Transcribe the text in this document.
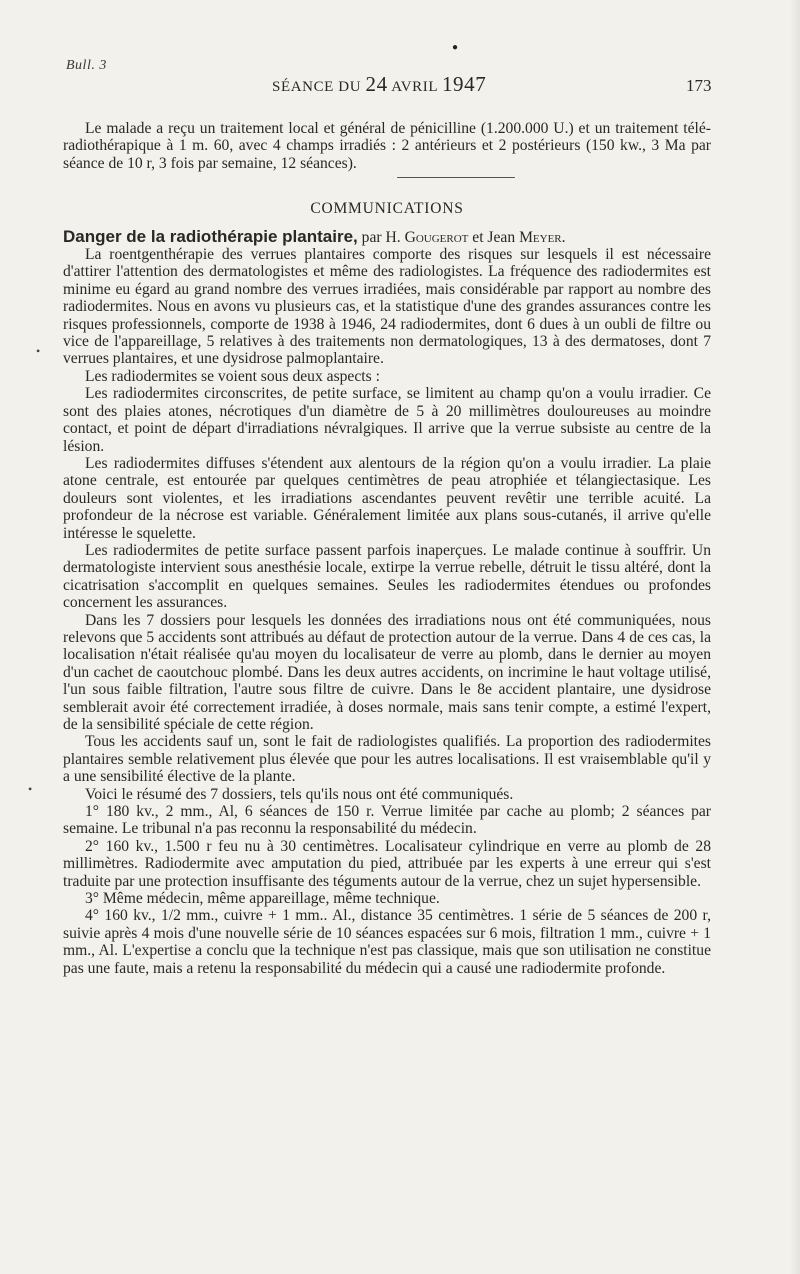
Bull. 3
●
SÉANCE DU 24 AVRIL 1947	173

Le malade a reçu un traitement local et général de pénicilline (1.200.000 U.) et un traitement télé-radiothérapique à 1 m. 60, avec 4 champs irradiés : 2 antérieurs et 2 postérieurs (150 kw., 3 Ma par séance de 10 r, 3 fois par semaine, 12 séances).

COMMUNICATIONS

Danger de la radiothérapie plantaire, par H. Gougerot et Jean Meyer.

La roentgenthérapie des verrues plantaires comporte des risques sur lesquels il est nécessaire d'attirer l'attention des dermatologistes et même des radiologistes. La fréquence des radiodermites est minime eu égard au grand nombre des verrues irradiées, mais considérable par rapport au nombre des radiodermites. Nous en avons vu plusieurs cas, et la statistique d'une des grandes assurances contre les risques professionnels, comporte de 1938 à 1946, 24 radiodermites, dont 6 dues à un oubli de filtre ou vice de l'appareillage, 5 relatives à des traitements non dermatologiques, 13 à des dermatoses, dont 7 verrues plantaires, et une dysidrose palmoplantaire.

Les radiodermites se voient sous deux aspects :

Les radiodermites circonscrites, de petite surface, se limitent au champ qu'on a voulu irradier. Ce sont des plaies atones, nécrotiques d'un diamètre de 5 à 20 millimètres douloureuses au moindre contact, et point de départ d'irradiations névralgiques. Il arrive que la verrue subsiste au centre de la lésion.

Les radiodermites diffuses s'étendent aux alentours de la région qu'on a voulu irradier. La plaie atone centrale, est entourée par quelques centimètres de peau atrophiée et télangiectasique. Les douleurs sont violentes, et les irradiations ascendantes peuvent revêtir une terrible acuité. La profondeur de la nécrose est variable. Généralement limitée aux plans sous-cutanés, il arrive qu'elle intéresse le squelette.

Les radiodermites de petite surface passent parfois inaperçues. Le malade continue à souffrir. Un dermatologiste intervient sous anesthésie locale, extirpe la verrue rebelle, détruit le tissu altéré, dont la cicatrisation s'accomplit en quelques semaines. Seules les radiodermites étendues ou profondes concernent les assurances.

Dans les 7 dossiers pour lesquels les données des irradiations nous ont été communiquées, nous relevons que 5 accidents sont attribués au défaut de protection autour de la verrue. Dans 4 de ces cas, la localisation n'était réalisée qu'au moyen du localisateur de verre au plomb, dans le dernier au moyen d'un cachet de caoutchouc plombé. Dans les deux autres accidents, on incrimine le haut voltage utilisé, l'un sous faible filtration, l'autre sous filtre de cuivre. Dans le 8e accident plantaire, une dysidrose semblerait avoir été correctement irradiée, à doses normale, mais sans tenir compte, a estimé l'expert, de la sensibilité spéciale de cette région.

Tous les accidents sauf un, sont le fait de radiologistes qualifiés. La proportion des radiodermites plantaires semble relativement plus élevée que pour les autres localisations. Il est vraisemblable qu'il y a une sensibilité élective de la plante.

Voici le résumé des 7 dossiers, tels qu'ils nous ont été communiqués.

1° 180 kv., 2 mm., Al, 6 séances de 150 r. Verrue limitée par cache au plomb; 2 séances par semaine. Le tribunal n'a pas reconnu la responsabilité du médecin.

2° 160 kv., 1.500 r feu nu à 30 centimètres. Localisateur cylindrique en verre au plomb de 28 millimètres. Radiodermite avec amputation du pied, attribuée par les experts à une erreur qui s'est traduite par une protection insuffisante des téguments autour de la verrue, chez un sujet hypersensible.

3° Même médecin, même appareillage, même technique.

4° 160 kv., 1/2 mm., cuivre + 1 mm.. Al., distance 35 centimètres. 1 série de 5 séances de 200 r, suivie après 4 mois d'une nouvelle série de 10 séances espacées sur 6 mois, filtration 1 mm., cuivre + 1 mm., Al. L'expertise a conclu que la technique n'est pas classique, mais que son utilisation ne constitue pas une faute, mais a retenu la responsabilité du médecin qui a causé une radiodermite profonde.

•
•
